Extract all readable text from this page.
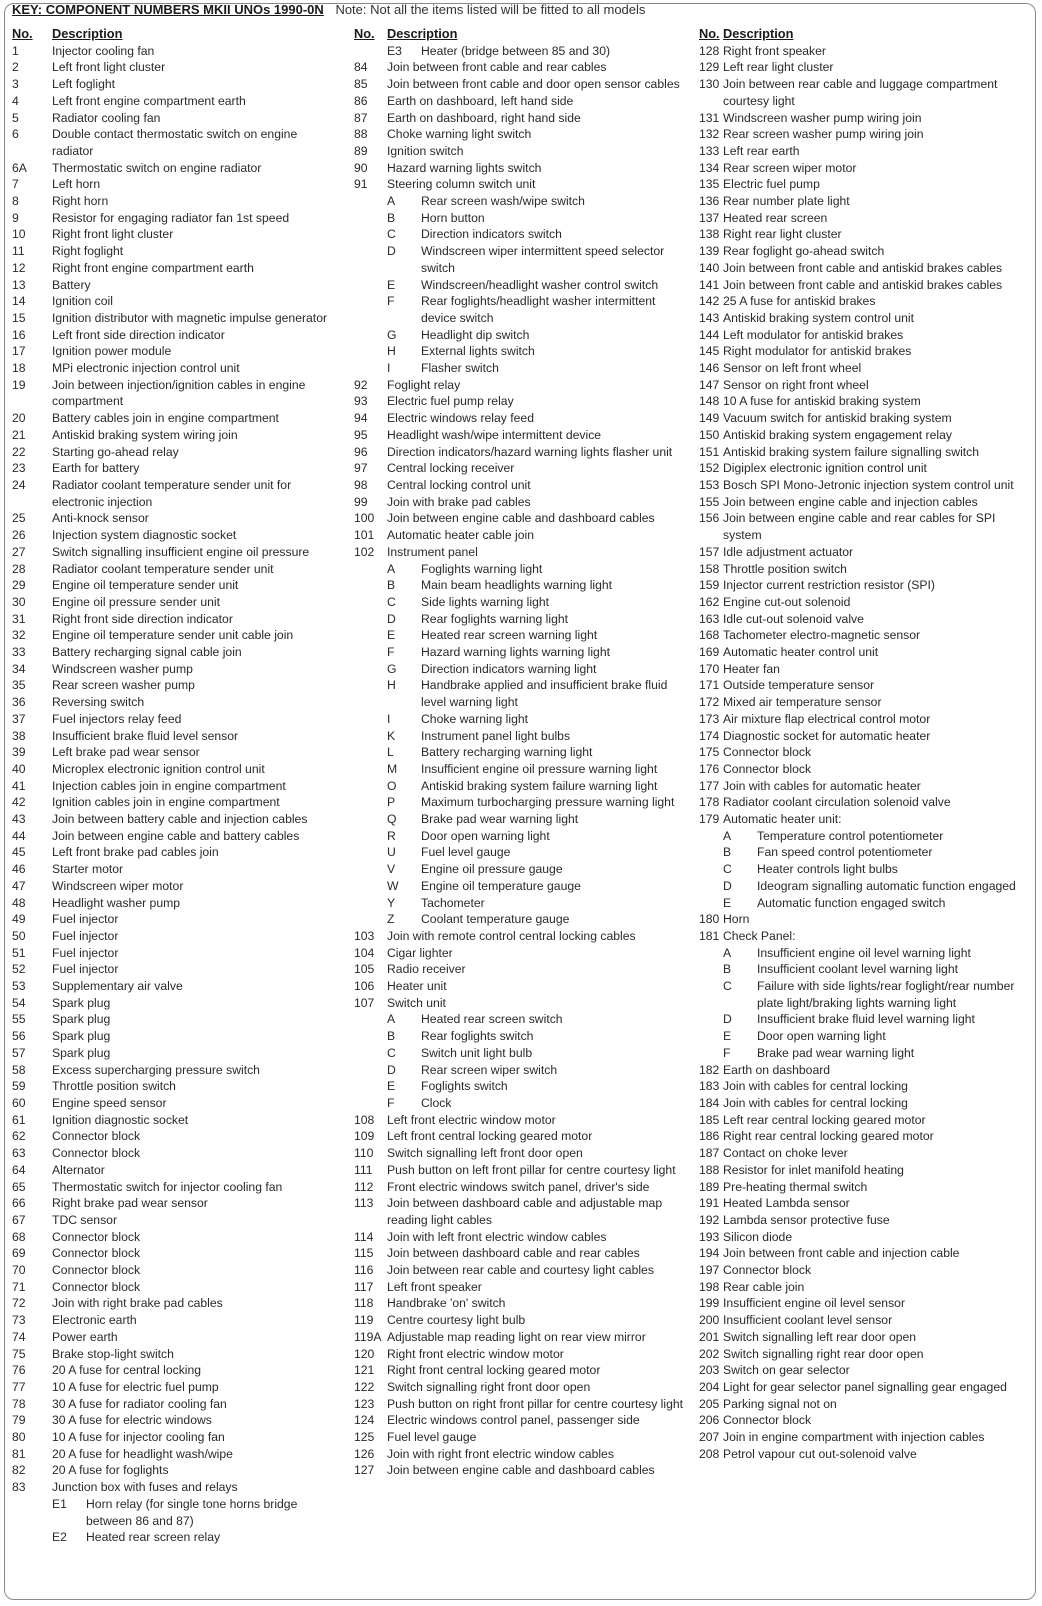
KEY: COMPONENT NUMBERS MKII UNOs 1990-0N Note: Not all the items listed will be fitted to all models
No.	Description
1	Injector cooling fan
2	Left front light cluster
3	Left foglight
4	Left front engine compartment earth
5	Radiator cooling fan
6	Double contact thermostatic switch on engine radiator
6A	Thermostatic switch on engine radiator
7	Left horn
8	Right horn
9	Resistor for engaging radiator fan 1st speed
10	Right front light cluster
11	Right foglight
12	Right front engine compartment earth
13	Battery
14	Ignition coil
15	Ignition distributor with magnetic impulse generator
16	Left front side direction indicator
17	Ignition power module
18	MPi electronic injection control unit
19	Join between injection/ignition cables in engine compartment
20	Battery cables join in engine compartment
21	Antiskid braking system wiring join
22	Starting go-ahead relay
23	Earth for battery
24	Radiator coolant temperature sender unit for electronic injection
25	Anti-knock sensor
26	Injection system diagnostic socket
27	Switch signalling insufficient engine oil pressure
28	Radiator coolant temperature sender unit
29	Engine oil temperature sender unit
30	Engine oil pressure sender unit
31	Right front side direction indicator
32	Engine oil temperature sender unit cable join
33	Battery recharging signal cable join
34	Windscreen washer pump
35	Rear screen washer pump
36	Reversing switch
37	Fuel injectors relay feed
38	Insufficient brake fluid level sensor
39	Left brake pad wear sensor
40	Microplex electronic ignition control unit
41	Injection cables join in engine compartment
42	Ignition cables join in engine compartment
43	Join between battery cable and injection cables
44	Join between engine cable and battery cables
45	Left front brake pad cables join
46	Starter motor
47	Windscreen wiper motor
48	Headlight washer pump
49	Fuel injector
50	Fuel injector
51	Fuel injector
52	Fuel injector
53	Supplementary air valve
54	Spark plug
55	Spark plug
56	Spark plug
57	Spark plug
58	Excess supercharging pressure switch
59	Throttle position switch
60	Engine speed sensor
61	Ignition diagnostic socket
62	Connector block
63	Connector block
64	Alternator
65	Thermostatic switch for injector cooling fan
66	Right brake pad wear sensor
67	TDC sensor
68	Connector block
69	Connector block
70	Connector block
71	Connector block
72	Join with right brake pad cables
73	Electronic earth
74	Power earth
75	Brake stop-light switch
76	20 A fuse for central locking
77	10 A fuse for electric fuel pump
78	30 A fuse for radiator cooling fan
79	30 A fuse for electric windows
80	10 A fuse for injector cooling fan
81	20 A fuse for headlight wash/wipe
82	20 A fuse for foglights
83	Junction box with fuses and relays
E1 Horn relay (for single tone horns bridge between 86 and 87)
E2 Heated rear screen relay
No. Description
E3 Heater (bridge between 85 and 30)
84	Join between front cable and rear cables
85	Join between front cable and door open sensor cables
86	Earth on dashboard, left hand side
87	Earth on dashboard, right hand side
88	Choke warning light switch
89	Ignition switch
90	Hazard warning lights switch
91	Steering column switch unit
A Rear screen wash/wipe switch
B Horn button
C Direction indicators switch
D Windscreen wiper intermittent speed selector switch
E Windscreen/headlight washer control switch
F Rear foglights/headlight washer intermittent device switch
G Headlight dip switch
H External lights switch
I	Flasher switch
92	Foglight relay
93	Electric fuel pump relay
94	Electric windows relay feed
95	Headlight wash/wipe intermittent device
96	Direction indicators/hazard warning lights flasher unit
97	Central locking receiver
98	Central locking control unit
99	Join with brake pad cables
100	Join between engine cable and dashboard cables
101	Automatic heater cable join
102	Instrument panel
A Foglights warning light
B Main beam headlights warning light
C Side lights warning light
D Rear foglights warning light
E Heated rear screen warning light
F Hazard warning lights warning light
G Direction indicators warning light
H Handbrake applied and insufficient brake fluid level warning light
I	Choke warning light
K Instrument panel light bulbs
L Battery recharging warning light
M Insufficient engine oil pressure warning light
O Antiskid braking system failure warning light
P Maximum turbocharging pressure warning light
Q Brake pad wear warning light
R Door open warning light
U Fuel level gauge
V Engine oil pressure gauge
W Engine oil temperature gauge
Y Tachometer
Z Coolant temperature gauge
103	Join with remote control central locking cables
104	Cigar lighter
105	Radio receiver
106	Heater unit
107	Switch unit
A Heated rear screen switch
B Rear foglights switch
C Switch unit light bulb
D Rear screen wiper switch
E Foglights switch
F Clock
108	Left front electric window motor
109	Left front central locking geared motor
110	Switch signalling left front door open
111	Push button on left front pillar for centre courtesy light
112	Front electric windows switch panel, driver's side
113	Join between dashboard cable and adjustable map reading light cables
114	Join with left front electric window cables
115	Join between dashboard cable and rear cables
116	Join between rear cable and courtesy light cables
117	Left front speaker
118	Handbrake 'on' switch
119	Centre courtesy light bulb
119A Adjustable map reading light on rear view mirror
120	Right front electric window motor
121	Right front central locking geared motor
122	Switch signalling right front door open
123	Push button on right front pillar for centre courtesy light
124	Electric windows control panel, passenger side
125	Fuel level gauge
126	Join with right front electric window cables
127	Join between engine cable and dashboard cables
No. Description
128 Right front speaker
129 Left rear light cluster
130 Join between rear cable and luggage compartment courtesy light
131 Windscreen washer pump wiring join
132 Rear screen washer pump wiring join
133 Left rear earth
134 Rear screen wiper motor
135 Electric fuel pump
136 Rear number plate light
137 Heated rear screen
138 Right rear light cluster
139 Rear foglight go-ahead switch
140 Join between front cable and antiskid brakes cables
141 Join between front cable and antiskid brakes cables
142 25 A fuse for antiskid brakes
143 Antiskid braking system control unit
144 Left modulator for antiskid brakes
145 Right modulator for antiskid brakes
146 Sensor on left front wheel
147 Sensor on right front wheel
148 10 A fuse for antiskid braking system
149 Vacuum switch for antiskid braking system
150 Antiskid braking system engagement relay
151 Antiskid braking system failure signalling switch
152 Digiplex electronic ignition control unit
153 Bosch SPI Mono-Jetronic injection system control unit
155 Join between engine cable and injection cables
156 Join between engine cable and rear cables for SPI system
157 Idle adjustment actuator
158 Throttle position switch
159 Injector current restriction resistor (SPI)
162 Engine cut-out solenoid
163 Idle cut-out solenoid valve
168 Tachometer electro-magnetic sensor
169 Automatic heater control unit
170 Heater fan
171 Outside temperature sensor
172 Mixed air temperature sensor
173 Air mixture flap electrical control motor
174 Diagnostic socket for automatic heater
175 Connector block
176 Connector block
177 Join with cables for automatic heater
178 Radiator coolant circulation solenoid valve
179 Automatic heater unit:
A Temperature control potentiometer
B Fan speed control potentiometer
C Heater controls light bulbs
D Ideogram signalling automatic function engaged
E Automatic function engaged switch
180 Horn
181 Check Panel:
A Insufficient engine oil level warning light
B Insufficient coolant level warning light
C Failure with side lights/rear foglight/rear number plate light/braking lights warning light
D Insufficient brake fluid level warning light
E Door open warning light
F Brake pad wear warning light
182 Earth on dashboard
183 Join with cables for central locking
184 Join with cables for central locking
185 Left rear central locking geared motor
186 Right rear central locking geared motor
187 Contact on choke lever
188 Resistor for inlet manifold heating
189 Pre-heating thermal switch
191 Heated Lambda sensor
192 Lambda sensor protective fuse
193 Silicon diode
194 Join between front cable and injection cable
197 Connector block
198 Rear cable join
199 Insufficient engine oil level sensor
200 Insufficient coolant level sensor
201 Switch signalling left rear door open
202 Switch signalling right rear door open
203 Switch on gear selector
204 Light for gear selector panel signalling gear engaged
205 Parking signal not on
206 Connector block
207 Join in engine compartment with injection cables
208 Petrol vapour cut out-solenoid valve
